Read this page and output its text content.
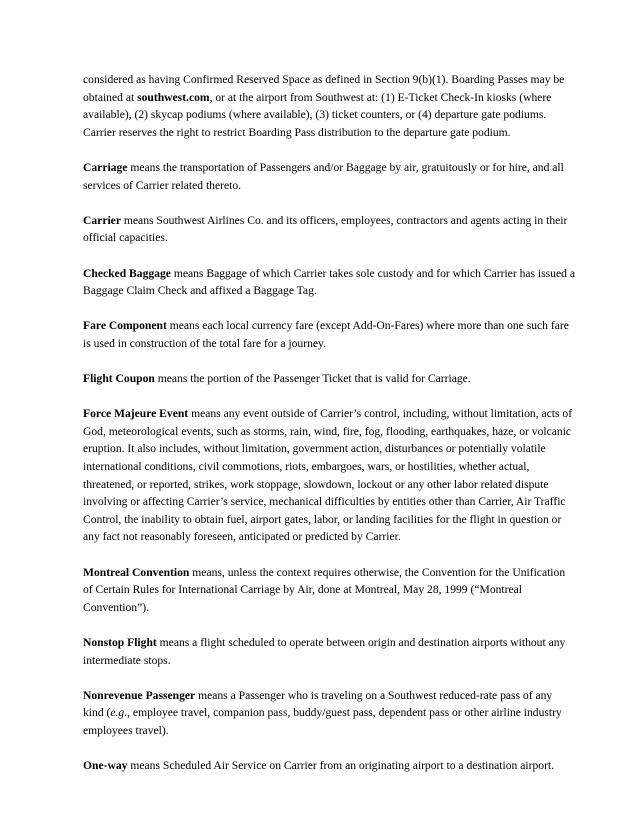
considered as having Confirmed Reserved Space as defined in Section 9(b)(1). Boarding Passes may be obtained at southwest.com, or at the airport from Southwest at: (1) E-Ticket Check-In kiosks (where available), (2) skycap podiums (where available), (3) ticket counters, or (4) departure gate podiums. Carrier reserves the right to restrict Boarding Pass distribution to the departure gate podium.

Carriage means the transportation of Passengers and/or Baggage by air, gratuitously or for hire, and all services of Carrier related thereto.

Carrier means Southwest Airlines Co. and its officers, employees, contractors and agents acting in their official capacities.

Checked Baggage means Baggage of which Carrier takes sole custody and for which Carrier has issued a Baggage Claim Check and affixed a Baggage Tag.

Fare Component means each local currency fare (except Add-On-Fares) where more than one such fare is used in construction of the total fare for a journey.

Flight Coupon means the portion of the Passenger Ticket that is valid for Carriage.

Force Majeure Event means any event outside of Carrier’s control, including, without limitation, acts of God, meteorological events, such as storms, rain, wind, fire, fog, flooding, earthquakes, haze, or volcanic eruption. It also includes, without limitation, government action, disturbances or potentially volatile international conditions, civil commotions, riots, embargoes, wars, or hostilities, whether actual, threatened, or reported, strikes, work stoppage, slowdown, lockout or any other labor related dispute involving or affecting Carrier’s service, mechanical difficulties by entities other than Carrier, Air Traffic Control, the inability to obtain fuel, airport gates, labor, or landing facilities for the flight in question or any fact not reasonably foreseen, anticipated or predicted by Carrier.

Montreal Convention means, unless the context requires otherwise, the Convention for the Unification of Certain Rules for International Carriage by Air, done at Montreal, May 28, 1999 (“Montreal Convention”).

Nonstop Flight means a flight scheduled to operate between origin and destination airports without any intermediate stops.

Nonrevenue Passenger means a Passenger who is traveling on a Southwest reduced-rate pass of any kind (e.g., employee travel, companion pass, buddy/guest pass, dependent pass or other airline industry employees travel).

One-way means Scheduled Air Service on Carrier from an originating airport to a destination airport.
